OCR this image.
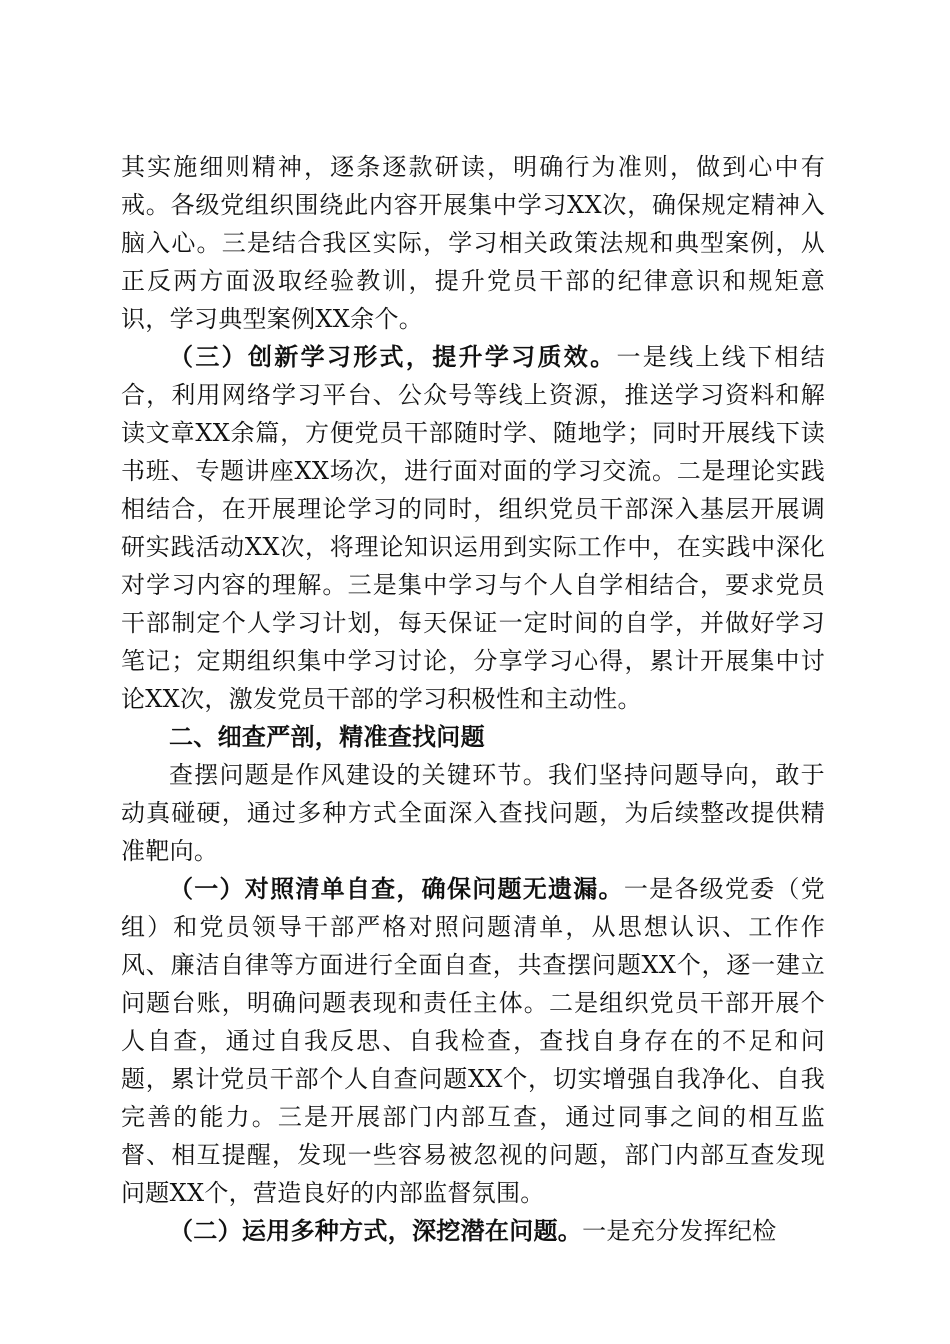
其实施细则精神，逐条逐款研读，明确行为准则，做到心中有戒。各级党组织围绕此内容开展集中学习XX次，确保规定精神入脑入心。三是结合我区实际，学习相关政策法规和典型案例，从正反两方面汲取经验教训，提升党员干部的纪律意识和规矩意识，学习典型案例XX余个。

（三）创新学习形式，提升学习质效。一是线上线下相结合，利用网络学习平台、公众号等线上资源，推送学习资料和解读文章XX余篇，方便党员干部随时学、随地学；同时开展线下读书班、专题讲座XX场次，进行面对面的学习交流。二是理论实践相结合，在开展理论学习的同时，组织党员干部深入基层开展调研实践活动XX次，将理论知识运用到实际工作中，在实践中深化对学习内容的理解。三是集中学习与个人自学相结合，要求党员干部制定个人学习计划，每天保证一定时间的自学，并做好学习笔记；定期组织集中学习讨论，分享学习心得，累计开展集中讨论XX次，激发党员干部的学习积极性和主动性。

二、细查严剖，精准查找问题

查摆问题是作风建设的关键环节。我们坚持问题导向，敢于动真碰硬，通过多种方式全面深入查找问题，为后续整改提供精准靶向。

（一）对照清单自查，确保问题无遗漏。一是各级党委（党组）和党员领导干部严格对照问题清单，从思想认识、工作作风、廉洁自律等方面进行全面自查，共查摆问题XX个，逐一建立问题台账，明确问题表现和责任主体。二是组织党员干部开展个人自查，通过自我反思、自我检查，查找自身存在的不足和问题，累计党员干部个人自查问题XX个，切实增强自我净化、自我完善的能力。三是开展部门内部互查，通过同事之间的相互监督、相互提醒，发现一些容易被忽视的问题，部门内部互查发现问题XX个，营造良好的内部监督氛围。

（二）运用多种方式，深挖潜在问题。一是充分发挥纪检
